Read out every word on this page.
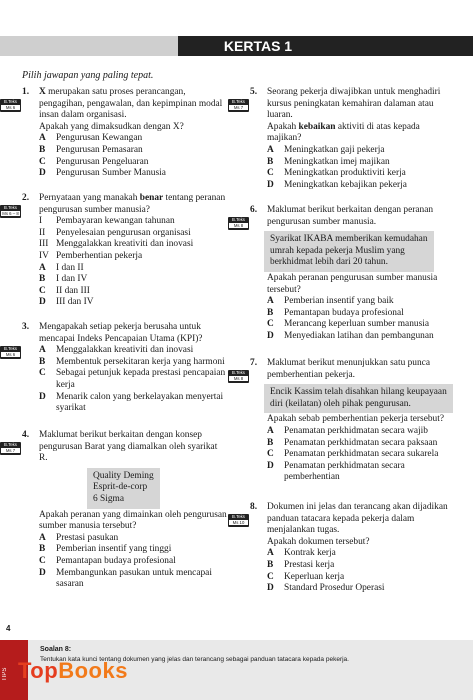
KERTAS 1
Pilih jawapan yang paling tepat.
B.Teks
Ms 6
1. X merupakan satu proses perancangan,
pengagihan, pengawalan, dan kepimpinan modal
insan dalam organisasi.
Apakah yang dimaksudkan dengan X?
A Pengurusan Kewangan
B Pengurusan Pemasaran
C Pengurusan Pengeluaran
D Pengurusan Sumber Manusia
B.Teks
Ms 6 – 8
2. Pernyataan yang manakah benar tentang peranan
pengurusan sumber manusia?
I Pembayaran kewangan tahunan
II Penyelesaian pengurusan organisasi
III Menggalakkan kreativiti dan inovasi
IV Pemberhentian pekerja
A I dan II
B I dan IV
C II dan III
D III dan IV
B.Teks
Ms 6
3. Mengapakah setiap pekerja berusaha untuk
mencapai Indeks Pencapaian Utama (KPI)?
A Menggalakkan kreativiti dan inovasi
B Membentuk persekitaran kerja yang harmoni
C Sebagai petunjuk kepada prestasi pencapaian
kerja
D Menarik calon yang berkelayakan menyertai
syarikat
B.Teks
Ms 7
4. Maklumat berikut berkaitan dengan konsep
pengurusan Barat yang diamalkan oleh syarikat
R.
Quality Deming
Esprit-de-corp
6 Sigma
Apakah peranan yang dimainkan oleh pengurusan
sumber manusia tersebut?
A Prestasi pasukan
B Pemberian insentif yang tinggi
C Pemantapan budaya profesional
D Membangunkan pasukan untuk mencapai
sasaran
B.Teks
Ms 7
5. Seorang pekerja diwajibkan untuk menghadiri
kursus peningkatan kemahiran dalaman atau
luaran.
Apakah kebaikan aktiviti di atas kepada
majikan?
A Meningkatkan gaji pekerja
B Meningkatkan imej majikan
C Meningkatkan produktiviti kerja
D Meningkatkan kebajikan pekerja
B.Teks
Ms 8
6. Maklumat berikut berkaitan dengan peranan
pengurusan sumber manusia.
Syarikat IKABA memberikan kemudahan
umrah kepada pekerja Muslim yang
berkhidmat lebih dari 20 tahun.
Apakah peranan pengurusan sumber manusia
tersebut?
A Pemberian insentif yang baik
B Pemantapan budaya profesional
C Merancang keperluan sumber manusia
D Menyediakan latihan dan pembangunan
B.Teks
Ms 8
7. Maklumat berikut menunjukkan satu punca
pemberhentian pekerja.
Encik Kassim telah disahkan hilang keupayaan
diri (keilatan) oleh pihak pengurusan.
Apakah sebab pemberhentian pekerja tersebut?
A Penamatan perkhidmatan secara wajib
B Penamatan perkhidmatan secara paksaan
C Penamatan perkhidmatan secara sukarela
D Penamatan perkhidmatan secara
pemberhentian
B.Teks
Ms 10
8. Dokumen ini jelas dan terancang akan dijadikan
panduan tatacara kepada pekerja dalam
menjalankan tugas.
Apakah dokumen tersebut?
A Kontrak kerja
B Prestasi kerja
C Keperluan kerja
D Standard Prosedur Operasi
4
TIPS
Soalan 8:
Tentukan kata kunci tentang dokumen yang jelas dan terancang sebagai panduan tatacara kepada pekerja.
TopBooks
